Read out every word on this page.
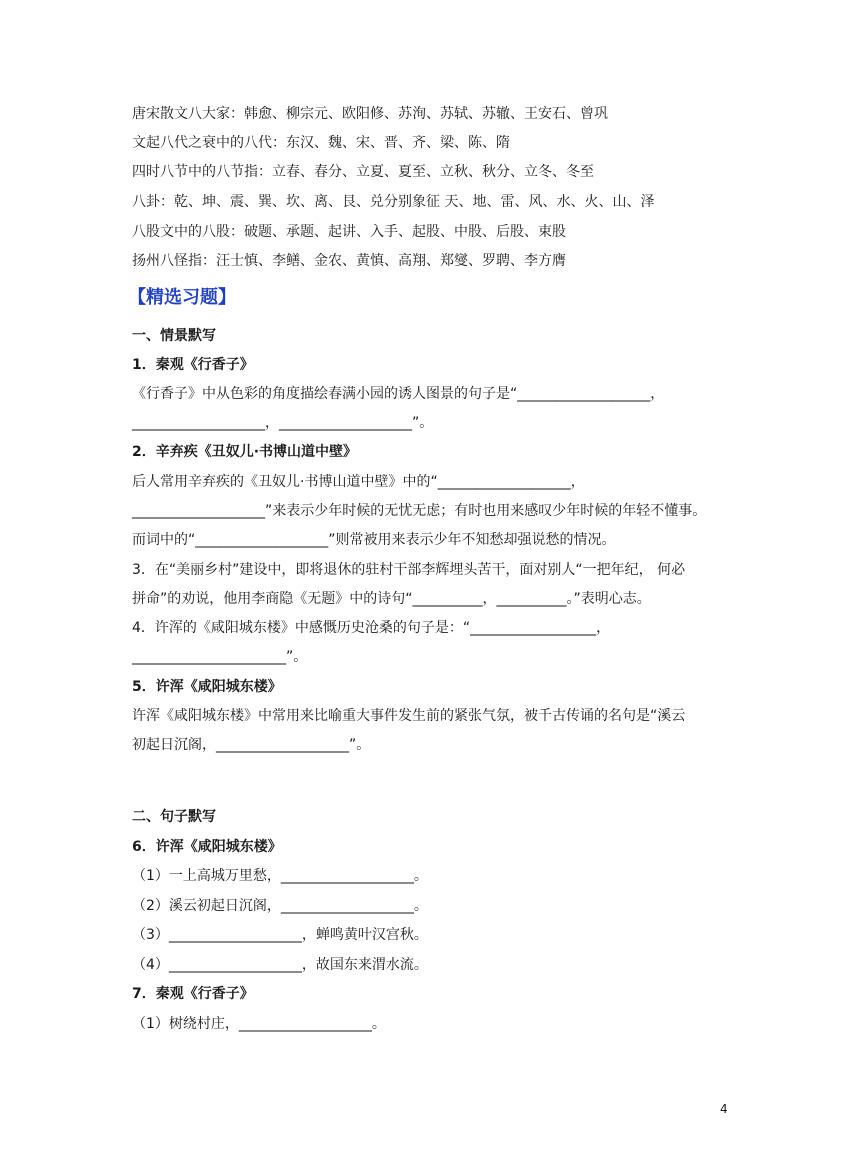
唐宋散文八大家：韩愈、柳宗元、欧阳修、苏洵、苏轼、苏辙、王安石、曾巩
文起八代之衰中的八代：东汉、魏、宋、晋、齐、梁、陈、隋
四时八节中的八节指：立春、春分、立夏、夏至、立秋、秋分、立冬、冬至
八卦：乾、坤、震、巽、坎、离、艮、兑分别象征 天、地、雷、风、水、火、山、泽
八股文中的八股：破题、承题、起讲、入手、起股、中股、后股、束股
扬州八怪指：汪士慎、李鳝、金农、黄慎、高翔、郑燮、罗聘、李方膺
【精选习题】
一、情景默写
1．秦观《行香子》
《行香子》中从色彩的角度描绘春满小园的诱人图景的句子是“___________________，
___________________，___________________”。
2．辛弃疾《丑奴儿·书博山道中壁》
后人常用辛弃疾的《丑奴儿·书博山道中壁》中的“___________________，
___________________”来表示少年时候的无忧无虑；有时也用来感叹少年时候的年轻不懂事。
而词中的“___________________”则常被用来表示少年不知愁却强说愁的情况。
3．在“美丽乡村”建设中，即将退休的驻村干部李辉埋头苦干，面对别人“一把年纪， 何必
拼命”的劝说，他用李商隐《无题》中的诗句“__________，__________。”表明心志。
4．许浑的《咸阳城东楼》中感慨历史沧桑的句子是：“__________________，
______________________”。
5．许浑《咸阳城东楼》
许浑《咸阳城东楼》中常用来比喻重大事件发生前的紧张气氛，被千古传诵的名句是“溪云
初起日沉阁，___________________”。
二、句子默写
6．许浑《咸阳城东楼》
（1）一上高城万里愁，___________________。
（2）溪云初起日沉阁，___________________。
（3）___________________，蝉鸣黄叶汉宫秋。
（4）___________________，故国东来渭水流。
7．秦观《行香子》
（1）树绕村庄，___________________。
4
